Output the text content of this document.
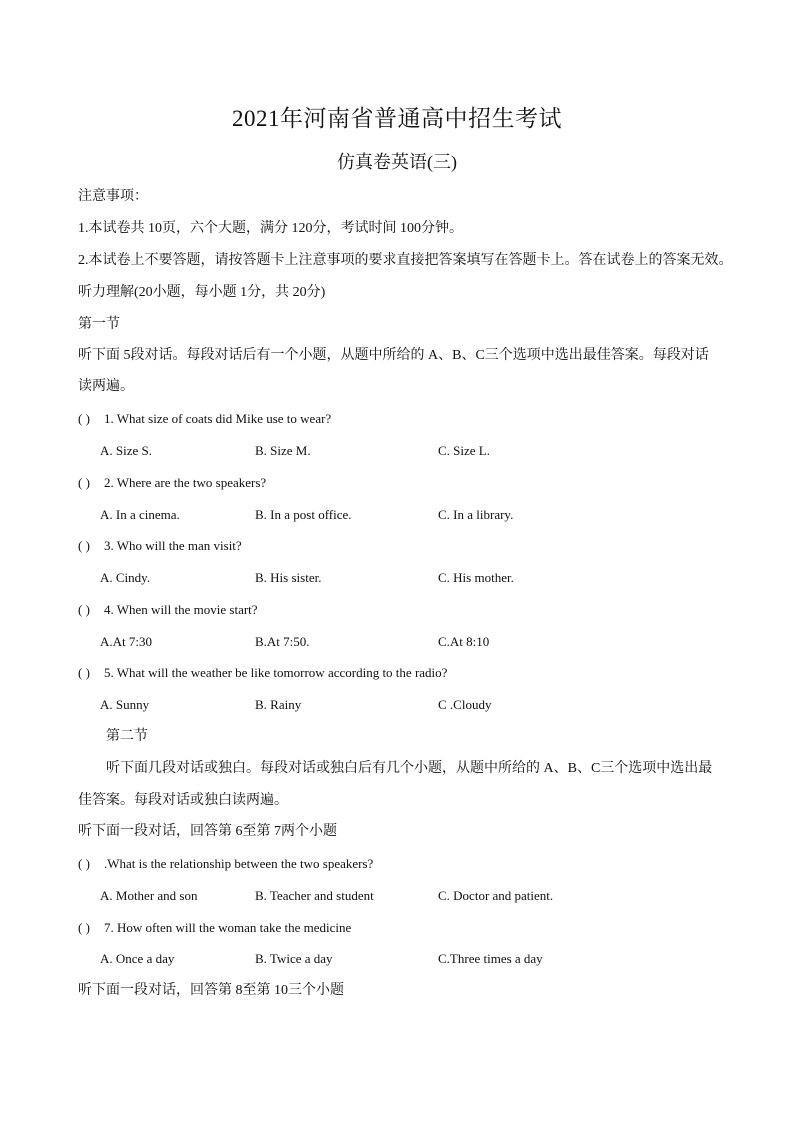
2021年河南省普通高中招生考试
仿真卷英语(三)
注意事项：
1.本试卷共 10页，六个大题，满分 120分，考试时间 100分钟。
2.本试卷上不要答题，请按答题卡上注意事项的要求直接把答案填写在答题卡上。答在试卷上的答案无效。
听力理解(20小题，每小题 1分，共 20分)
第一节
听下面 5段对话。每段对话后有一个小题，从题中所给的 A、B、C三个选项中选出最佳答案。每段对话
读两遍。
( ) 1. What size of coats did Mike use to wear?
A. Size S.	B. Size M.	C. Size L.
( ) 2. Where are the two speakers?
A. In a cinema.	B. In a post office.	C. In a library.
( ) 3. Who will the man visit?
A. Cindy.	B. His sister.	C. His mother.
( ) 4. When will the movie start?
A.At 7:30	B.At 7:50.	C.At 8:10
( ) 5. What will the weather be like tomorrow according to the radio?
A. Sunny	B. Rainy	C .Cloudy
第二节
听下面几段对话或独白。每段对话或独白后有几个小题，从题中所给的 A、B、C三个选项中选出最
佳答案。每段对话或独白读两遍。
听下面一段对话，回答第 6至第 7两个小题
( ) .What is the relationship between the two speakers?
A. Mother and son	B. Teacher and student	C. Doctor and patient.
( ) 7. How often will the woman take the medicine
A. Once a day	B. Twice a day	C.Three times a day
听下面一段对话，回答第 8至第 10三个小题
